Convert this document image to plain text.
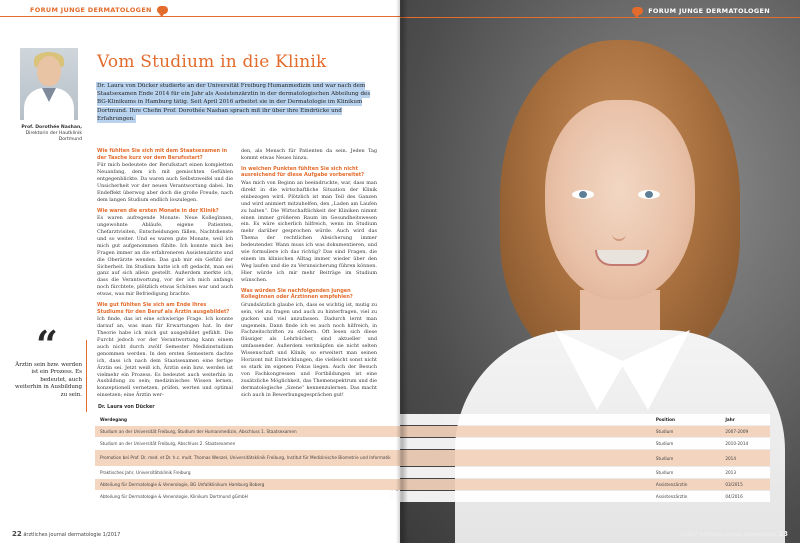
FORUM JUNGE DERMATOLOGEN
Prof. Dorothée Nashan,
Direktorin der Hautklinik Dortmund
Vom Studium in die Klinik
Dr. Laura von Dücker studierte an der Universität Freiburg Humanmedizin und war nach dem Staatsexamen Ende 2014 für ein Jahr als Assistenzärztin in der dermatologischen Abteilung des BG-Klinikums in Hamburg tätig. Seit April 2016 arbeitet sie in der Dermatologie im Klinikum Dortmund. Ihre Chefin Prof. Dorothée Nashan sprach mit ihr über ihre Eindrücke und Erfahrungen.
Wie fühlten Sie sich mit dem Staatsexamen in der Tasche kurz vor dem Berufsstart?
Für mich bedeutete der Berufsstart einen kompletten Neuanfang, dem ich mit gemischten Gefühlen entgegenblickte. Da waren auch Selbstzweifel und die Unsicherheit vor der neuen Verantwortung dabei. Im Endeffekt überwog aber doch die große Freude, nach dem langen Studium endlich loszulegen.
Wie waren die ersten Monate in der Klinik?
Es waren aufregende Monate: Neue Kollegïnnen, ungewohnte Abläufe, eigene Patienten, Chefarztvisiten, Entscheidungen fällen, Nachtdienste und so weiter. Und es waren gute Monate, weil ich mich gut aufgenommen fühlte. Ich konnte mich bei Fragen immer an die erfahreneren Assistenzärzte und die Oberärzte wenden. Das gab mir ein Gefühl der Sicherheit. Im Studium hatte ich oft gedacht, man sei ganz auf sich allein gestellt. Außerdem merkte ich, dass die Verantwortung, vor der ich mich anfangs noch fürchtete, plötzlich etwas Schönes war und auch etwas, was mir Befriedigung brachte.
Wie gut fühlten Sie sich am Ende Ihres Studiums für den Beruf als Ärztin ausgebildet?
Ich finde, das ist eine schwierige Frage. Ich konnte darauf an, was man für Erwartungen hat. In der Theorie habe ich mich gut ausgebildet gefühlt. Die Furcht jedoch vor der Verantwortung kann einem auch nicht durch zwölf Semester Medizinstudium genommen werden. In den ersten Semestern dachte ich, dass ich nach dem Staatsexamen eine fertige Ärztin sei. Jetzt weiß ich, Ärztin sein bzw. werden ist vielmehr ein Prozess. Es bedeutet auch weiterhin in Ausbildung zu sein; medizinisches Wissen lernen, konzeptionell vernetzen, prüfen, werten und optimal einsetzen; eine Ärztin wer-
den, als Mensch für Patienten da sein. Jeden Tag kommt etwas Neues hinzu.
In welchen Punkten fühlten Sie sich nicht ausreichend für diese Aufgabe vorbereitet?
Was mich von Beginn an beeindruckte, war, dass man direkt in die wirtschaftliche Situation der Klinik einbezogen wird. Plötzlich ist man Teil des Ganzen und wird animiert mitzuhelfen, den „Laden am Laufen zu halten“. Die Wirtschaftlichkeit der Kliniken nimmt einen immer größeren Raum im Gesundheitswesen ein. Es wäre sicherlich hilfreich, wenn im Studium mehr darüber gesprochen würde. Auch wird das Thema der rechtlichen Absicherung immer bedeutender. Wann muss ich was dokumentieren, und wie formuliere ich das richtig? Das sind Fragen, die einem im klinischen Alltag immer wieder über den Weg laufen und die zu Verunsicherung führen können. Hier würde ich mir mehr Beiträge im Studium wünschen.
Was würden Sie nachfolgenden jungen Kolleginnen oder Ärztinnen empfehlen?
Grundsätzlich glaube ich, dass es wichtig ist, mutig zu sein, viel zu fragen und auch zu hinterfragen, viel zu gucken und viel anzufassen. Dadurch lernt man ungemein. Dann finde ich es auch noch hilfreich, in Fachzeitschriften zu stöbern. Oft lesen sich diese flüssiger als Lehrbücher, sind aktueller und umfassender. Außerdem verknüpfen sie nicht selten Wissenschaft und Klinik; so erweitert man seinen Horizont mit Entwicklungen, die vielleicht sonst nicht so stark im eigenen Fokus liegen. Auch der Besuch von Fachkongressen und Fortbildungen ist eine zusätzliche Möglichkeit, das Themenspektrum und die dermatologische „Szene“ kennenzulernen. Das macht sich auch in Bewerbungsgesprächen gut!
“
Ärztin sein bzw. werden ist ein Prozess. Es bedeutet, auch weiterhin in Ausbildung zu sein.
22 ärztliches journal dermatologie 1/2017
FORUM JUNGE DERMATOLOGEN
1/2017 ärztliches journal dermatologie 23
Dr. Laura von Dücker
Werdegang	Position	Jahr
Studium an der Universität Freiburg, Studium der Humanmedizin, Abschluss 1. Staatsexamen	Studium	2007-2009
Studium an der Universität Freiburg, Abschluss 2. Staatsexamen	Studium	2010-2014
Promotion bei Prof. Dr. med. et Dr. h.c. mult. Thomas Wenzel, Universitätsklinik Freiburg, Institut für Medizinische Biometrie und Informatik	Studium	2014
Praktisches Jahr, Universitätsklinik Freiburg	Studium	2013
Abteilung für Dermatologie & Venerologie, BG Unfallklinikum Hamburg Boberg	Assistenzärztin	03/2015
Abteilung für Dermatologie & Venerologie, Klinikum Dortmund gGmbH	Assistenzärztin	04/2016
